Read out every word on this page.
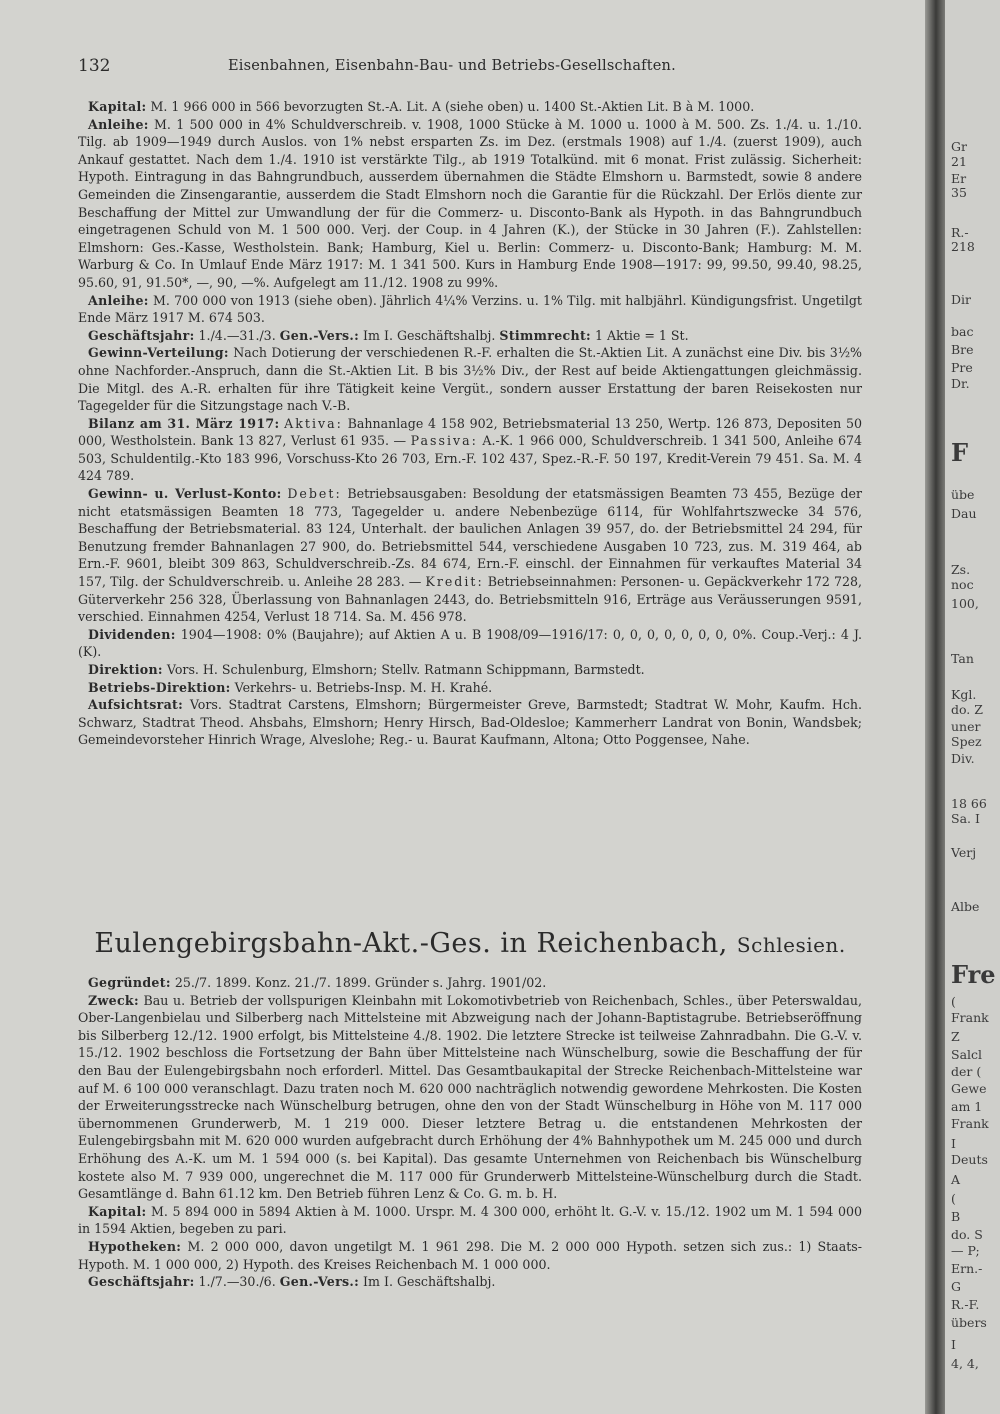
132	Eisenbahnen, Eisenbahn-Bau- und Betriebs-Gesellschaften.

Kapital: M. 1 966 000 in 566 bevorzugten St.-A. Lit. A (siehe oben) u. 1400 St.-Aktien Lit. B à M. 1000.

Anleihe: M. 1 500 000 in 4% Schuldverschreib. v. 1908, 1000 Stücke à M. 1000 u. 1000 à M. 500. Zs. 1./4. u. 1./10. Tilg. ab 1909—1949 durch Auslos. von 1% nebst ersparten Zs. im Dez. (erstmals 1908) auf 1./4. (zuerst 1909), auch Ankauf gestattet. Nach dem 1./4. 1910 ist verstärkte Tilg., ab 1919 Totalkünd. mit 6 monat. Frist zulässig. Sicherheit: Hypoth. Eintragung in das Bahngrundbuch, ausserdem übernahmen die Städte Elmshorn u. Barmstedt, sowie 8 andere Gemeinden die Zinsengarantie, ausserdem die Stadt Elmshorn noch die Garantie für die Rückzahl. Der Erlös diente zur Beschaffung der Mittel zur Umwandlung der für die Commerz- u. Disconto-Bank als Hypoth. in das Bahngrundbuch eingetragenen Schuld von M. 1 500 000. Verj. der Coup. in 4 Jahren (K.), der Stücke in 30 Jahren (F.). Zahlstellen: Elmshorn: Ges.-Kasse, Westholstein. Bank; Hamburg, Kiel u. Berlin: Commerz- u. Disconto-Bank; Hamburg: M. M. Warburg & Co. In Umlauf Ende März 1917: M. 1 341 500. Kurs in Hamburg Ende 1908—1917: 99, 99.50, 99.40, 98.25, 95.60, 91, 91.50*, —, 90, —%. Aufgelegt am 11./12. 1908 zu 99%.

Anleihe: M. 700 000 von 1913 (siehe oben). Jährlich 4¼% Verzins. u. 1% Tilg. mit halbjährl. Kündigungsfrist. Ungetilgt Ende März 1917 M. 674 503.

Geschäftsjahr: 1./4.—31./3. Gen.-Vers.: Im I. Geschäftshalbj. Stimmrecht: 1 Aktie = 1 St.

Gewinn-Verteilung: Nach Dotierung der verschiedenen R.-F. erhalten die St.-Aktien Lit. A zunächst eine Div. bis 3½% ohne Nachforder.-Anspruch, dann die St.-Aktien Lit. B bis 3½% Div., der Rest auf beide Aktiengattungen gleichmässig. Die Mitgl. des A.-R. erhalten für ihre Tätigkeit keine Vergüt., sondern ausser Erstattung der baren Reisekosten nur Tagegelder für die Sitzungstage nach V.-B.

Bilanz am 31. März 1917: Aktiva: Bahnanlage 4 158 902, Betriebsmaterial 13 250, Wertp. 126 873, Depositen 50 000, Westholstein. Bank 13 827, Verlust 61 935. — Passiva: A.-K. 1 966 000, Schuldverschreib. 1 341 500, Anleihe 674 503, Schuldentilg.-Kto 183 996, Vorschuss-Kto 26 703, Ern.-F. 102 437, Spez.-R.-F. 50 197, Kredit-Verein 79 451. Sa. M. 4 424 789.

Gewinn- u. Verlust-Konto: Debet: Betriebsausgaben: Besoldung der etatsmässigen Beamten 73 455, Bezüge der nicht etatsmässigen Beamten 18 773, Tagegelder u. andere Nebenbezüge 6114, für Wohlfahrtszwecke 34 576, Beschaffung der Betriebsmaterial. 83 124, Unterhalt. der baulichen Anlagen 39 957, do. der Betriebsmittel 24 294, für Benutzung fremder Bahnanlagen 27 900, do. Betriebsmittel 544, verschiedene Ausgaben 10 723, zus. M. 319 464, ab Ern.-F. 9601, bleibt 309 863, Schuldverschreib.-Zs. 84 674, Ern.-F. einschl. der Einnahmen für verkauftes Material 34 157, Tilg. der Schuldverschreib. u. Anleihe 28 283. — Kredit: Betriebseinnahmen: Personen- u. Gepäckverkehr 172 728, Güterverkehr 256 328, Überlassung von Bahnanlagen 2443, do. Betriebsmitteln 916, Erträge aus Veräusserungen 9591, verschied. Einnahmen 4254, Verlust 18 714. Sa. M. 456 978.

Dividenden: 1904—1908: 0% (Baujahre); auf Aktien A u. B 1908/09—1916/17: 0, 0, 0, 0, 0, 0, 0, 0%. Coup.-Verj.: 4 J. (K).

Direktion: Vors. H. Schulenburg, Elmshorn; Stellv. Ratmann Schippmann, Barmstedt.

Betriebs-Direktion: Verkehrs- u. Betriebs-Insp. M. H. Krahé.

Aufsichtsrat: Vors. Stadtrat Carstens, Elmshorn; Bürgermeister Greve, Barmstedt; Stadtrat W. Mohr, Kaufm. Hch. Schwarz, Stadtrat Theod. Ahsbahs, Elmshorn; Henry Hirsch, Bad-Oldesloe; Kammerherr Landrat von Bonin, Wandsbek; Gemeindevorsteher Hinrich Wrage, Alveslohe; Reg.- u. Baurat Kaufmann, Altona; Otto Poggensee, Nahe.

Eulengebirgsbahn-Akt.-Ges. in Reichenbach, Schlesien.

Gegründet: 25./7. 1899. Konz. 21./7. 1899. Gründer s. Jahrg. 1901/02.

Zweck: Bau u. Betrieb der vollspurigen Kleinbahn mit Lokomotivbetrieb von Reichenbach, Schles., über Peterswaldau, Ober-Langenbielau und Silberberg nach Mittelsteine mit Abzweigung nach der Johann-Baptistagrube. Betriebseröffnung bis Silberberg 12./12. 1900 erfolgt, bis Mittelsteine 4./8. 1902. Die letztere Strecke ist teilweise Zahnradbahn. Die G.-V. v. 15./12. 1902 beschloss die Fortsetzung der Bahn über Mittelsteine nach Wünschelburg, sowie die Beschaffung der für den Bau der Eulengebirgsbahn noch erforderl. Mittel. Das Gesamtbaukapital der Strecke Reichenbach-Mittelsteine war auf M. 6 100 000 veranschlagt. Dazu traten noch M. 620 000 nachträglich notwendig gewordene Mehrkosten. Die Kosten der Erweiterungsstrecke nach Wünschelburg betrugen, ohne den von der Stadt Wünschelburg in Höhe von M. 117 000 übernommenen Grunderwerb, M. 1 219 000. Dieser letztere Betrag u. die entstandenen Mehrkosten der Eulengebirgsbahn mit M. 620 000 wurden aufgebracht durch Erhöhung der 4% Bahnhypothek um M. 245 000 und durch Erhöhung des A.-K. um M. 1 594 000 (s. bei Kapital). Das gesamte Unternehmen von Reichenbach bis Wünschelburg kostete also M. 7 939 000, ungerechnet die M. 117 000 für Grunderwerb Mittelsteine-Wünschelburg durch die Stadt. Gesamtlänge d. Bahn 61.12 km. Den Betrieb führen Lenz & Co. G. m. b. H.

Kapital: M. 5 894 000 in 5894 Aktien à M. 1000. Urspr. M. 4 300 000, erhöht lt. G.-V. v. 15./12. 1902 um M. 1 594 000 in 1594 Aktien, begeben zu pari.

Hypotheken: M. 2 000 000, davon ungetilgt M. 1 961 298. Die M. 2 000 000 Hypoth. setzen sich zus.: 1) Staats-Hypoth. M. 1 000 000, 2) Hypoth. des Kreises Reichenbach M. 1 000 000.

Geschäftsjahr: 1./7.—30./6. Gen.-Vers.: Im I. Geschäftshalbj.

Gr
21
Er
35
R.-
218
Dir
bac
Bre
Pre
Dr.
F
übe
Dau
Zs.
noc
100,
Tan
Kgl.
do. Z
uner
Spez
Div.
18 66
Sa. I
Verj
Albe
Fre
(
Frank
Z
Salcl
der (
Gewe
am 1
Frank
I
Deuts
A
(
B
do. S
— P;
Ern.-
G
R.-F.
übers
I
4, 4,
